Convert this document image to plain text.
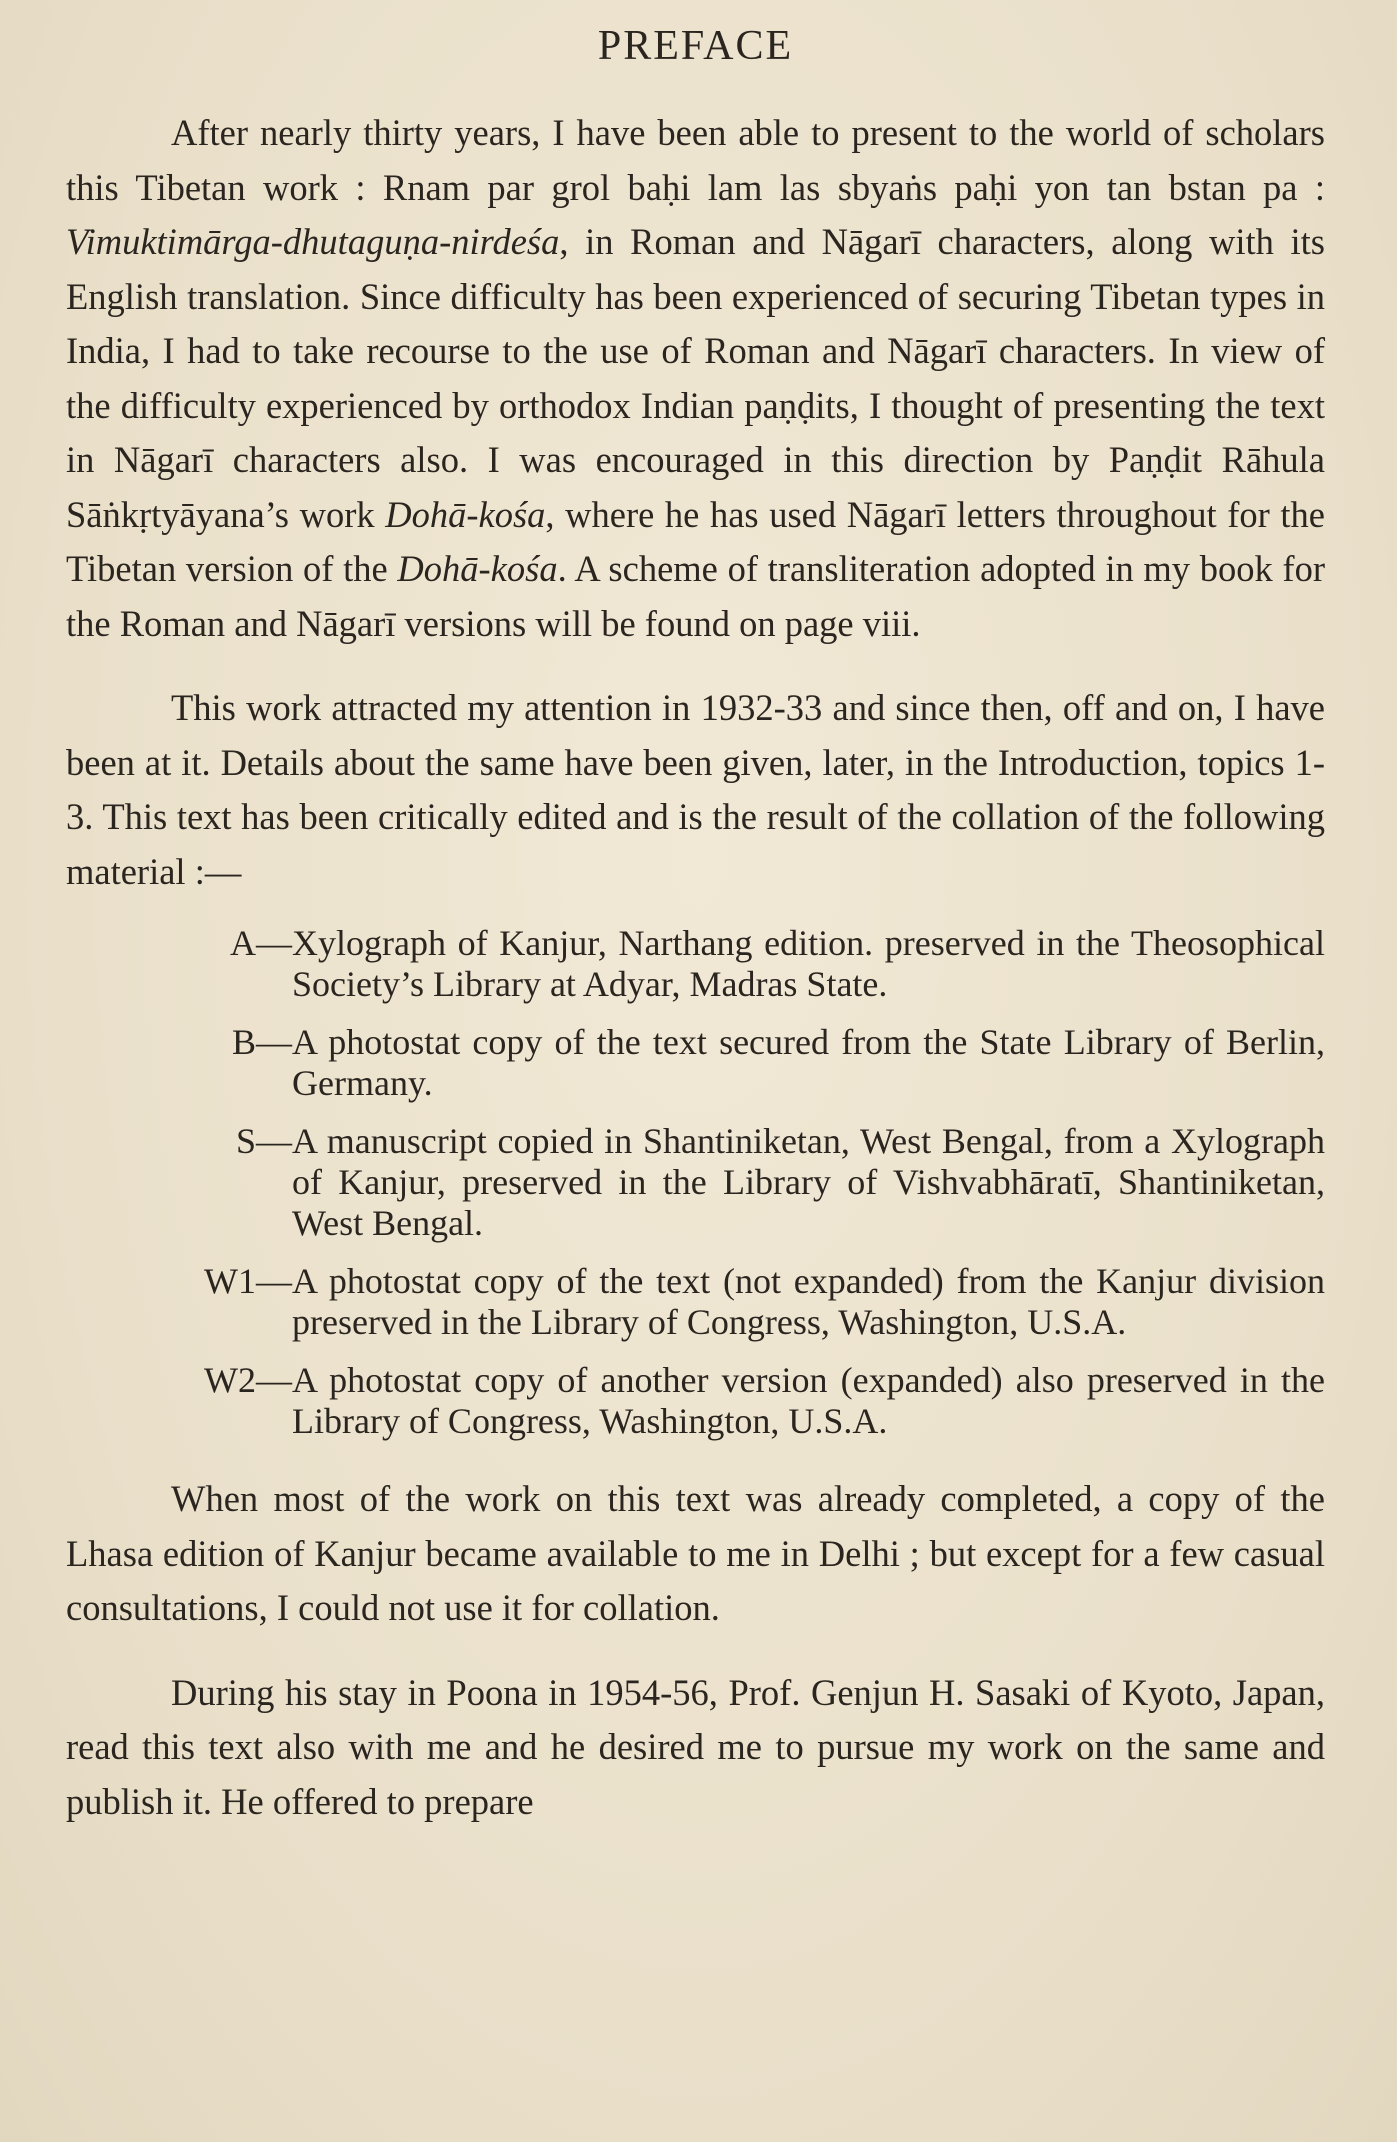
PREFACE

After nearly thirty years, I have been able to present to the world of scholars this Tibetan work : Rnam par grol baḥi lam las sbyaṅs paḥi yon tan bstan pa : Vimuktimārga-dhutaguṇa-nirdeśa, in Roman and Nāgarī characters, along with its English translation. Since difficulty has been experienced of securing Tibetan types in India, I had to take recourse to the use of Roman and Nāgarī characters. In view of the difficulty experienced by orthodox Indian paṇḍits, I thought of presenting the text in Nāgarī characters also. I was encouraged in this direction by Paṇḍit Rāhula Sāṅkṛtyāyana’s work Dohā-kośa, where he has used Nāgarī letters throughout for the Tibetan version of the Dohā-kośa. A scheme of transliteration adopted in my book for the Roman and Nāgarī versions will be found on page viii.

This work attracted my attention in 1932-33 and since then, off and on, I have been at it. Details about the same have been given, later, in the Introduction, topics 1-3. This text has been critically edited and is the result of the collation of the following material :—

A — Xylograph of Kanjur, Narthang edition. preserved in the Theosophical Society’s Library at Adyar, Madras State.
B — A photostat copy of the text secured from the State Library of Berlin, Germany.
S — A manuscript copied in Shantiniketan, West Bengal, from a Xylograph of Kanjur, preserved in the Library of Vishvabhāratī, Shantiniketan, West Bengal.
W1 — A photostat copy of the text (not expanded) from the Kanjur division preserved in the Library of Congress, Washington, U.S.A.
W2 — A photostat copy of another version (expanded) also preserved in the Library of Congress, Washington, U.S.A.

When most of the work on this text was already completed, a copy of the Lhasa edition of Kanjur became available to me in Delhi ; but except for a few casual consultations, I could not use it for collation.

During his stay in Poona in 1954-56, Prof. Genjun H. Sasaki of Kyoto, Japan, read this text also with me and he desired me to pursue my work on the same and publish it. He offered to prepare
